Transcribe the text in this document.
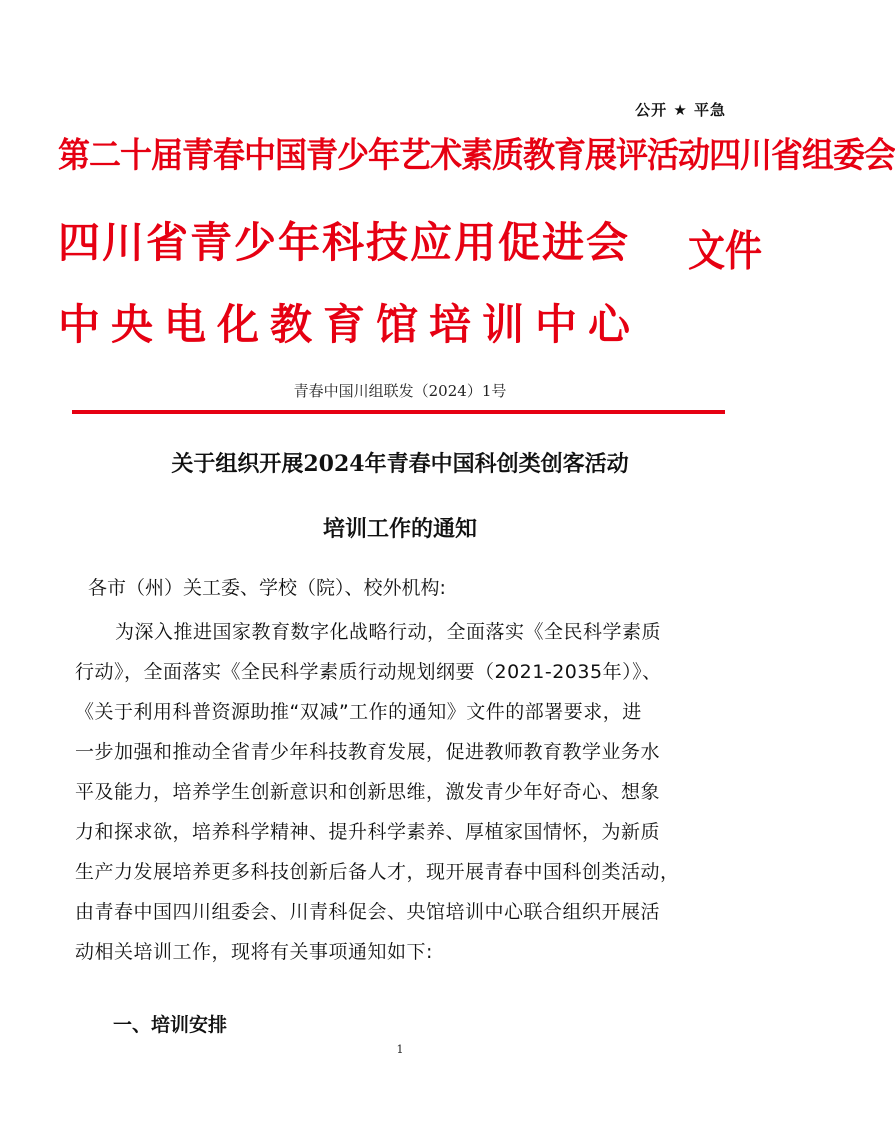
公开 ★ 平急
第二十届青春中国青少年艺术素质教育展评活动四川省组委会
四川省青少年科技应用促进会 文件
中央电化教育馆培训中心
青春中国川组联发（2024）1号
关于组织开展2024年青春中国科创类创客活动
培训工作的通知
各市（州）关工委、学校（院）、校外机构:
为深入推进国家教育数字化战略行动，全面落实《全民科学素质
行动》，全面落实《全民科学素质行动规划纲要（2021-2035年）》、
《关于利用科普资源助推“双减”工作的通知》文件的部署要求，进
一步加强和推动全省青少年科技教育发展，促进教师教育教学业务水
平及能力，培养学生创新意识和创新思维，激发青少年好奇心、想象
力和探求欲，培养科学精神、提升科学素养、厚植家国情怀，为新质
生产力发展培养更多科技创新后备人才，现开展青春中国科创类活动，
由青春中国四川组委会、川青科促会、央馆培训中心联合组织开展活
动相关培训工作，现将有关事项通知如下:
一、培训安排
1
